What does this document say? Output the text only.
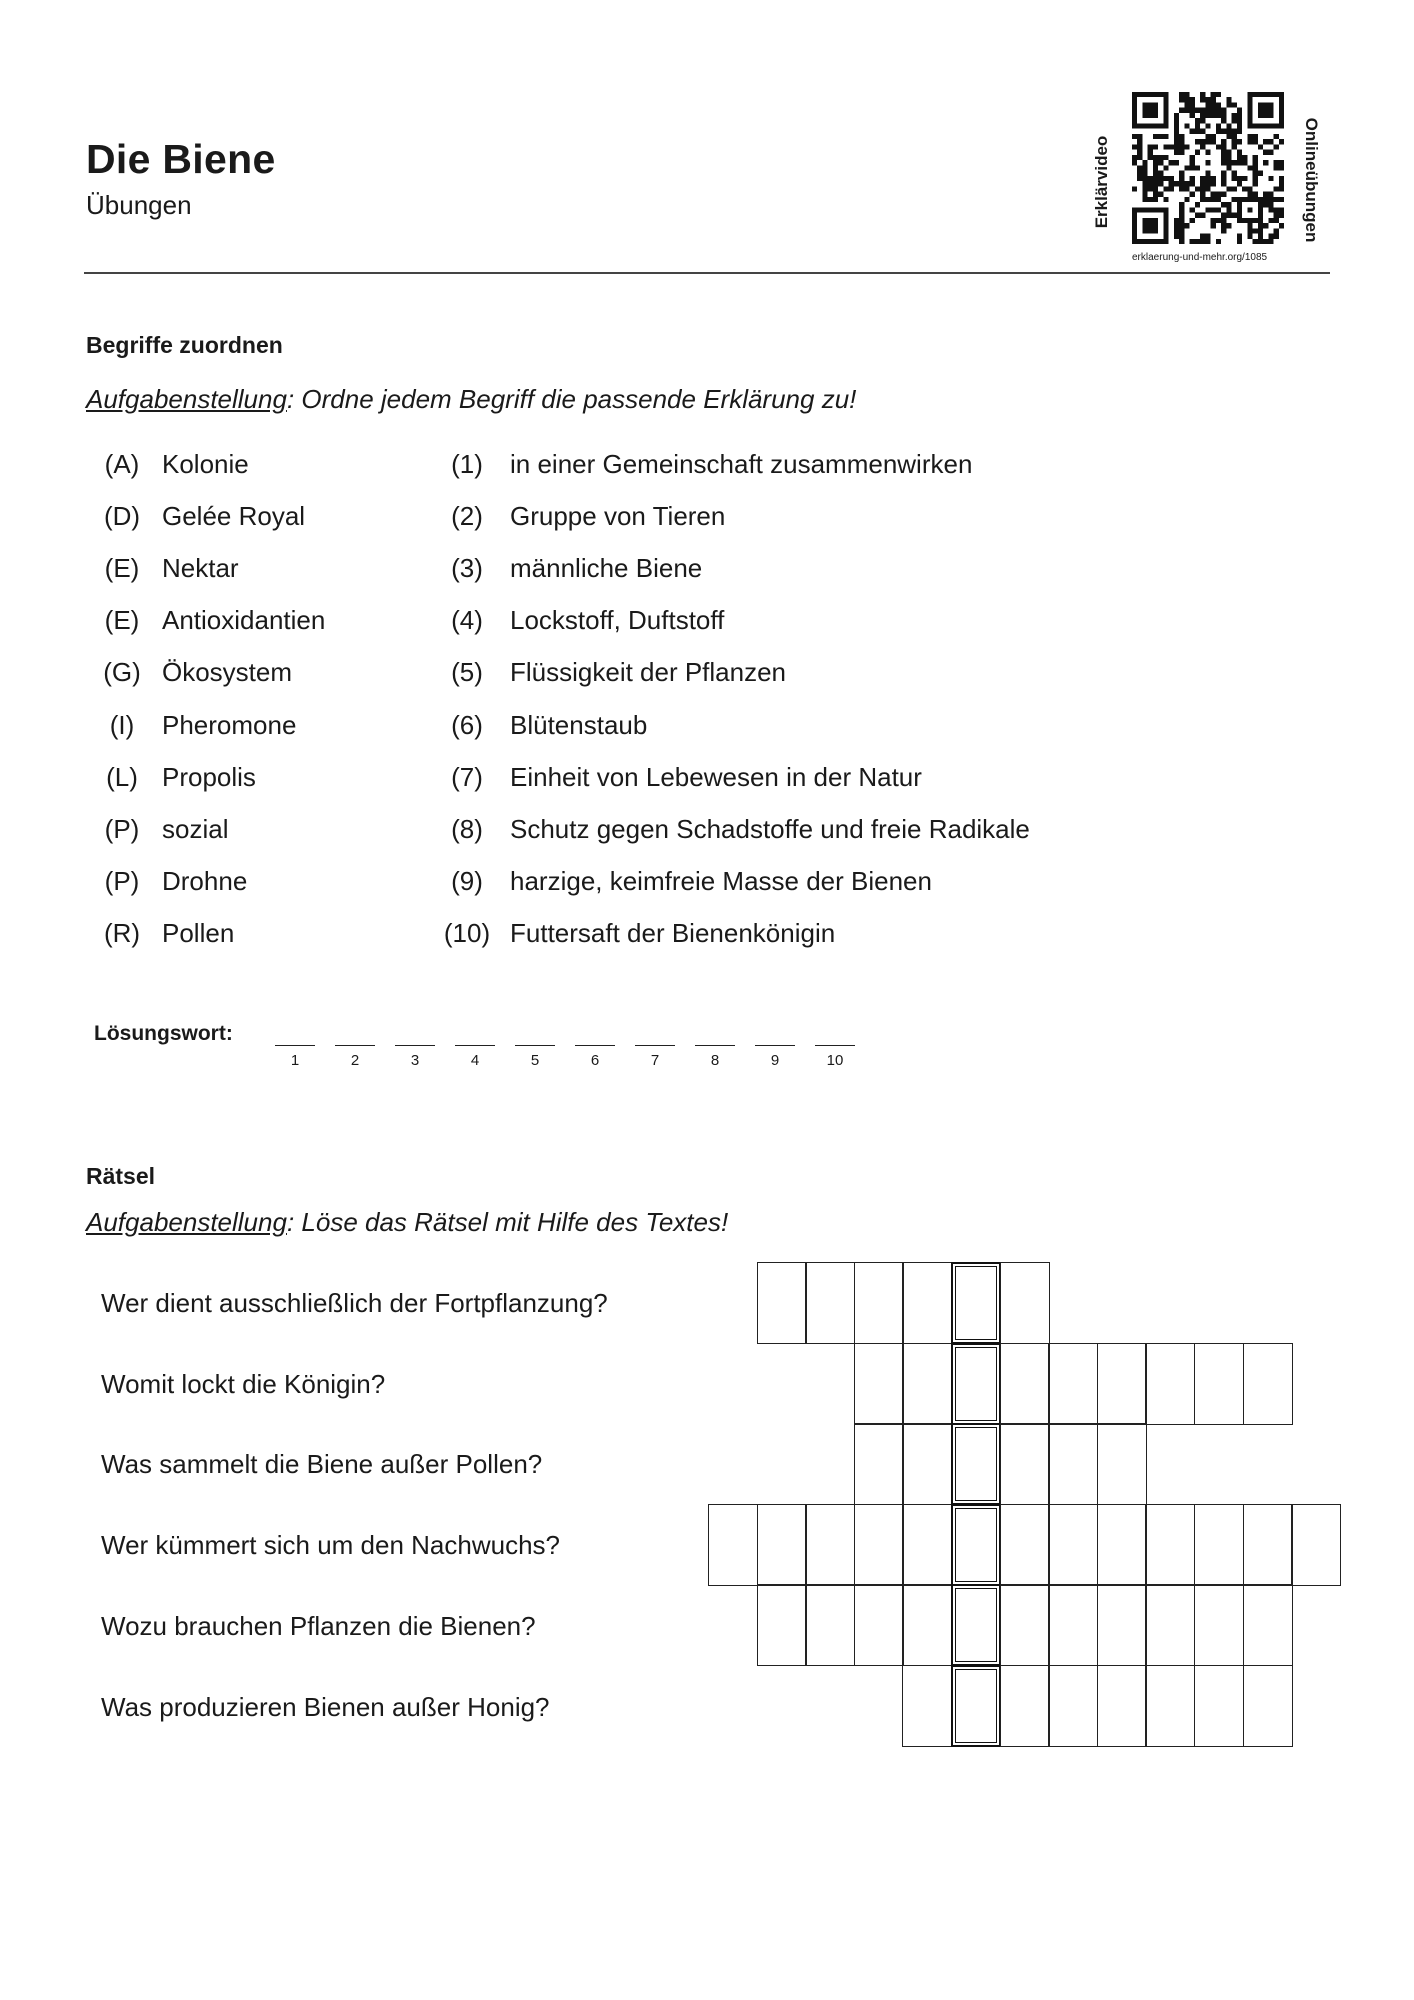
Die Biene
Übungen	Erklärvideo	Onlineübungen
erklaerung-und-mehr.org/1085
Begriffe zuordnen
Aufgabenstellung: Ordne jedem Begriff die passende Erklärung zu!
(A) Kolonie	(1)	in einer Gemeinschaft zusammenwirken
(D) Gelée Royal	(2)	Gruppe von Tieren
(E) Nektar	(3)	männliche Biene
(E) Antioxidantien	(4)	Lockstoff, Duftstoff
(G) Ökosystem	(5)	Flüssigkeit der Pflanzen
(I)	Pheromone	(6)	Blütenstaub
(L) Propolis	(7)	Einheit von Lebewesen in der Natur
(P) sozial	(8)	Schutz gegen Schadstoffe und freie Radikale
(P) Drohne	(9)	harzige, keimfreie Masse der Bienen
(R) Pollen	(10) Futtersaft der Bienenkönigin
Lösungswort:
1	2	3	4	5	6	7	8	9	10
Rätsel
Aufgabenstellung: Löse das Rätsel mit Hilfe des Textes!
Wer dient ausschließlich der Fortpflanzung?
Womit lockt die Königin?
Was sammelt die Biene außer Pollen?
Wer kümmert sich um den Nachwuchs?
Wozu brauchen Pflanzen die Bienen?
Was produzieren Bienen außer Honig?
